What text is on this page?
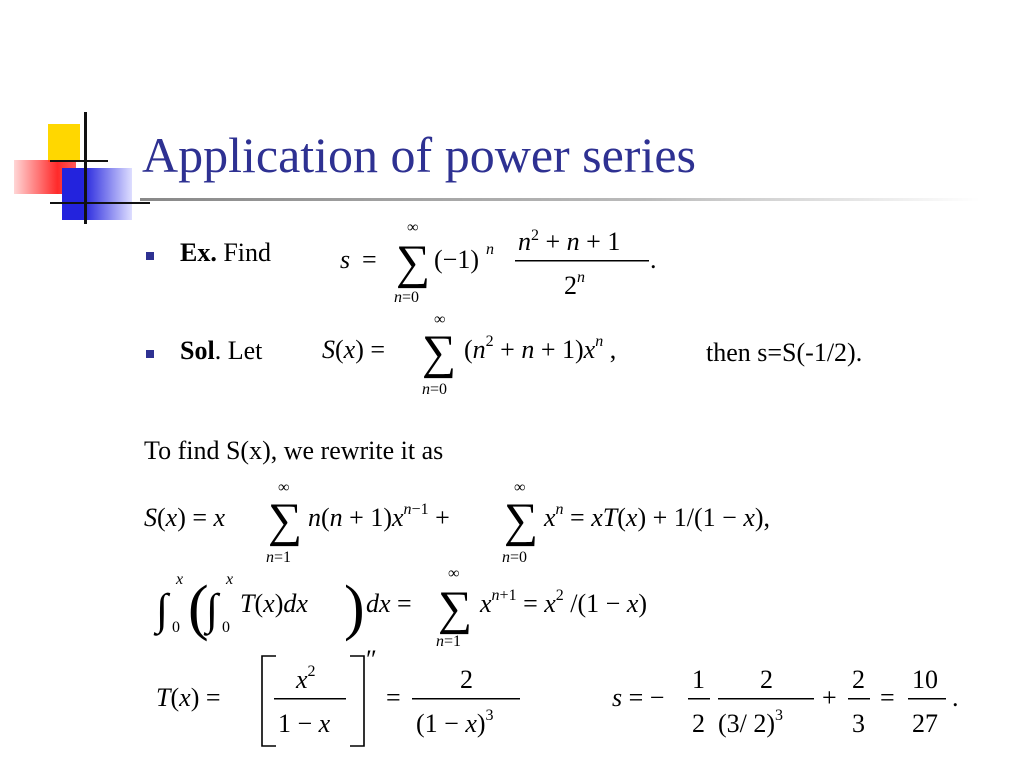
Application of power series
Ex. Find	s = ∑
∞
n=0
(−1) n $n^2 + n + 1$
2$^n$
.
Sol. Let S(x) = ∑
∞
n=0
$(n^2 + n + 1)x^n$ ,	then s=S(-1/2).
To find S(x), we rewrite it as
S(x) = x ∑
∞
n=1
$n(n + 1)x^{n-1}$ + ∑
∞
n=0
$x^n = xT(x) + 1/(1 - x)$,
∫
x
0 (
∫
x
0
T(x)dx ) dx = ∑
∞
n=1
$x^{n+1} = x^2$ /(1 − x)
T(x) =
$x^2$
1 − x
″
=
2
$(1 - x)^3$
s = −
1
2
2
(3/ 2)$^3$
+
2
3
=
10
27
.
